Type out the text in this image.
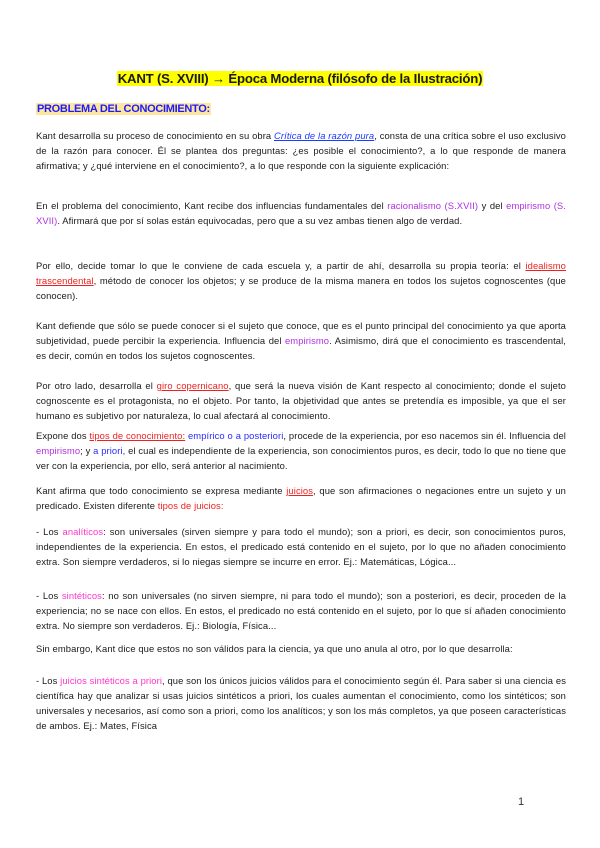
KANT (S. XVIII) → Época Moderna (filósofo de la Ilustración)
PROBLEMA DEL CONOCIMIENTO:

Kant desarrolla su proceso de conocimiento en su obra Crítica de la razón pura, consta de una crítica sobre el uso exclusivo de la razón para conocer. Él se plantea dos preguntas: ¿es posible el conocimiento?, a lo que responde de manera afirmativa; y ¿qué interviene en el conocimiento?, a lo que responde con la siguiente explicación:

En el problema del conocimiento, Kant recibe dos influencias fundamentales del racionalismo (S.XVII) y del empirismo (S. XVII). Afirmará que por sí solas están equivocadas, pero que a su vez ambas tienen algo de verdad.

Por ello, decide tomar lo que le conviene de cada escuela y, a partir de ahí, desarrolla su propia teoría: el idealismo trascendental, método de conocer los objetos; y se produce de la misma manera en todos los sujetos cognoscentes (que conocen).

Kant defiende que sólo se puede conocer si el sujeto que conoce, que es el punto principal del conocimiento ya que aporta subjetividad, puede percibir la experiencia. Influencia del empirismo. Asimismo, dirá que el conocimiento es trascendental, es decir, común en todos los sujetos cognoscentes.

Por otro lado, desarrolla el giro copernicano, que será la nueva visión de Kant respecto al conocimiento; donde el sujeto cognoscente es el protagonista, no el objeto. Por tanto, la objetividad que antes se pretendía es imposible, ya que el ser humano es subjetivo por naturaleza, lo cual afectará al conocimiento.

Expone dos tipos de conocimiento: empírico o a posteriori, procede de la experiencia, por eso nacemos sin él. Influencia del empirismo; y a priori, el cual es independiente de la experiencia, son conocimientos puros, es decir, todo lo que no tiene que ver con la experiencia, por ello, será anterior al nacimiento.

Kant afirma que todo conocimiento se expresa mediante juicios, que son afirmaciones o negaciones entre un sujeto y un predicado. Existen diferente tipos de juicios:

- Los analíticos: son universales (sirven siempre y para todo el mundo); son a priori, es decir, son conocimientos puros, independientes de la experiencia. En estos, el predicado está contenido en el sujeto, por lo que no añaden conocimiento extra. Son siempre verdaderos, si lo niegas siempre se incurre en error. Ej.: Matemáticas, Lógica...

- Los sintéticos: no son universales (no sirven siempre, ni para todo el mundo); son a posteriori, es decir, proceden de la experiencia; no se nace con ellos. En estos, el predicado no está contenido en el sujeto, por lo que sí añaden conocimiento extra. No siempre son verdaderos. Ej.: Biología, Física...

Sin embargo, Kant dice que estos no son válidos para la ciencia, ya que uno anula al otro, por lo que desarrolla:

- Los juicios sintéticos a priori, que son los únicos juicios válidos para el conocimiento según él. Para saber si una ciencia es científica hay que analizar si usas juicios sintéticos a priori, los cuales aumentan el conocimiento, como los sintéticos; son universales y necesarios, así como son a priori, como los analíticos; y son los más completos, ya que poseen características de ambos. Ej.: Mates, Física

1
